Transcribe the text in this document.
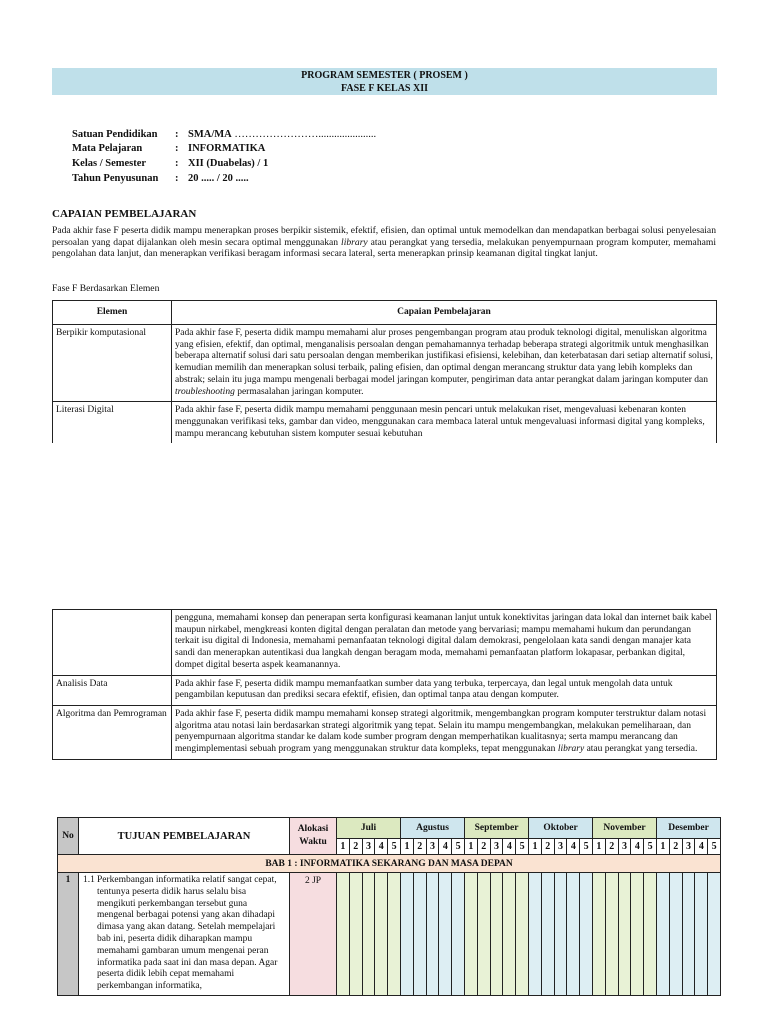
PROGRAM SEMESTER ( PROSEM )
FASE F KELAS XII
Satuan Pendidikan : SMA/MA ……………………......................
Mata Pelajaran	: INFORMATIKA
Kelas / Semester	: XII (Duabelas) / 1
Tahun Penyusunan : 20 ..... / 20 .....
CAPAIAN PEMBELAJARAN
Pada akhir fase F peserta didik mampu menerapkan proses berpikir sistemik, efektif, efisien, dan optimal untuk memodelkan dan mendapatkan berbagai solusi penyelesaian persoalan yang dapat dijalankan oleh mesin secara optimal menggunakan library atau perangkat yang tersedia, melakukan penyempurnaan program komputer, memahami pengolahan data lanjut, dan menerapkan verifikasi beragam informasi secara lateral, serta menerapkan prinsip keamanan digital tingkat lanjut.
Fase F Berdasarkan Elemen
Elemen	Capaian Pembelajaran
Berpikir komputasional	Pada akhir fase F, peserta didik mampu memahami alur proses pengembangan program atau produk teknologi digital, menuliskan algoritma yang efisien, efektif, dan optimal, menganalisis persoalan dengan pemahamannya terhadap beberapa strategi algoritmik untuk menghasilkan beberapa alternatif solusi dari satu persoalan dengan memberikan justifikasi efisiensi, kelebihan, dan keterbatasan dari setiap alternatif solusi, kemudian memilih dan menerapkan solusi terbaik, paling efisien, dan optimal dengan merancang struktur data yang lebih kompleks dan abstrak; selain itu juga mampu mengenali berbagai model jaringan komputer, pengiriman data antar perangkat dalam jaringan komputer dan troubleshooting permasalahan jaringan komputer.
Literasi Digital	Pada akhir fase F, peserta didik mampu memahami penggunaan mesin pencari untuk melakukan riset, mengevaluasi kebenaran konten menggunakan verifikasi teks, gambar dan video, menggunakan cara membaca lateral untuk mengevaluasi informasi digital yang kompleks, mampu merancang kebutuhan sistem komputer sesuai kebutuhan
	pengguna, memahami konsep dan penerapan serta konfigurasi keamanan lanjut untuk konektivitas jaringan data lokal dan internet baik kabel maupun nirkabel, mengkreasi konten digital dengan peralatan dan metode yang bervariasi; mampu memahami hukum dan perundangan terkait isu digital di Indonesia, memahami pemanfaatan teknologi digital dalam demokrasi, pengelolaan kata sandi dengan manajer kata sandi dan menerapkan autentikasi dua langkah dengan beragam moda, memahami pemanfaatan platform lokapasar, perbankan digital, dompet digital beserta aspek keamanannya.
Analisis Data	Pada akhir fase F, peserta didik mampu memanfaatkan sumber data yang terbuka, terpercaya, dan legal untuk mengolah data untuk pengambilan keputusan dan prediksi secara efektif, efisien, dan optimal tanpa atau dengan komputer.
Algoritma dan Pemrograman	Pada akhir fase F, peserta didik mampu memahami konsep strategi algoritmik, mengembangkan program komputer terstruktur dalam notasi algoritma atau notasi lain berdasarkan strategi algoritmik yang tepat. Selain itu mampu mengembangkan, melakukan pemeliharaan, dan penyempurnaan algoritma standar ke dalam kode sumber program dengan memperhatikan kualitasnya; serta mampu merancang dan mengimplementasi sebuah program yang menggunakan struktur data kompleks, tepat menggunakan library atau perangkat yang tersedia.
No	TUJUAN PEMBELAJARAN	Alokasi Waktu	Juli					Agustus					September					Oktober					November					Desember				
			1	2	3	4	5	1	2	3	4	5	1	2	3	4	5	1	2	3	4	5	1	2	3	4	5	1	2	3	4	5
BAB 1 : INFORMATIKA SEKARANG DAN MASA DEPAN																																
1	1.1 Perkembangan informatika relatif sangat cepat, tentunya peserta didik harus selalu bisa mengikuti perkembangan tersebut guna mengenal berbagai potensi yang akan dihadapi dimasa yang akan datang. Setelah mempelajari bab ini, peserta didik diharapkan mampu memahami gambaran umum mengenai peran informatika pada saat ini dan masa depan. Agar peserta didik lebih cepat memahami perkembangan informatika,	2 JP																														
